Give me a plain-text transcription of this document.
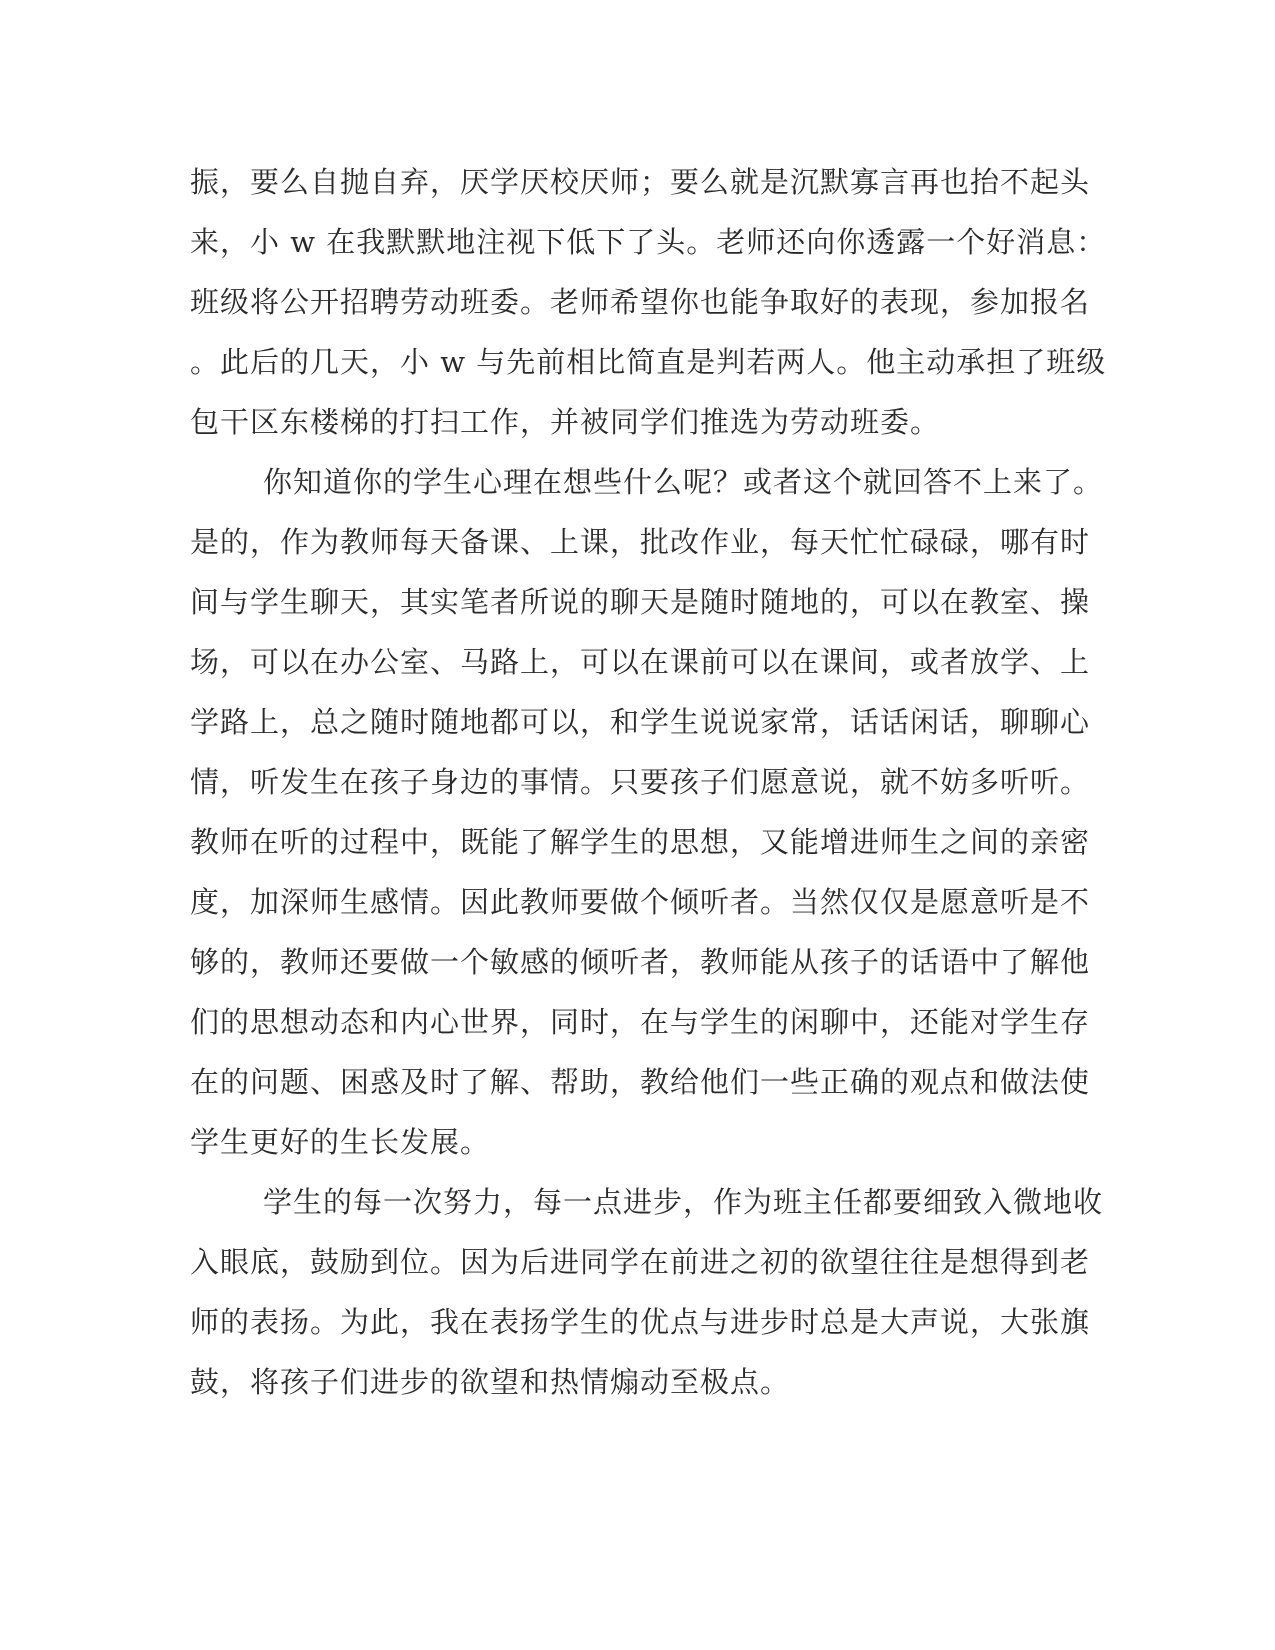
振，要么自抛自弃，厌学厌校厌师；要么就是沉默寡言再也抬不起头
来，小 w 在我默默地注视下低下了头。老师还向你透露一个好消息：
班级将公开招聘劳动班委。老师希望你也能争取好的表现，参加报名
。此后的几天，小 w 与先前相比简直是判若两人。他主动承担了班级
包干区东楼梯的打扫工作，并被同学们推选为劳动班委。
你知道你的学生心理在想些什么呢？或者这个就回答不上来了。
是的，作为教师每天备课、上课，批改作业，每天忙忙碌碌，哪有时
间与学生聊天，其实笔者所说的聊天是随时随地的，可以在教室、操
场，可以在办公室、马路上，可以在课前可以在课间，或者放学、上
学路上，总之随时随地都可以，和学生说说家常，话话闲话，聊聊心
情，听发生在孩子身边的事情。只要孩子们愿意说，就不妨多听听。
教师在听的过程中，既能了解学生的思想，又能增进师生之间的亲密
度，加深师生感情。因此教师要做个倾听者。当然仅仅是愿意听是不
够的，教师还要做一个敏感的倾听者，教师能从孩子的话语中了解他
们的思想动态和内心世界，同时，在与学生的闲聊中，还能对学生存
在的问题、困惑及时了解、帮助，教给他们一些正确的观点和做法使
学生更好的生长发展。
学生的每一次努力，每一点进步，作为班主任都要细致入微地收
入眼底，鼓励到位。因为后进同学在前进之初的欲望往往是想得到老
师的表扬。为此，我在表扬学生的优点与进步时总是大声说，大张旗
鼓，将孩子们进步的欲望和热情煽动至极点。
